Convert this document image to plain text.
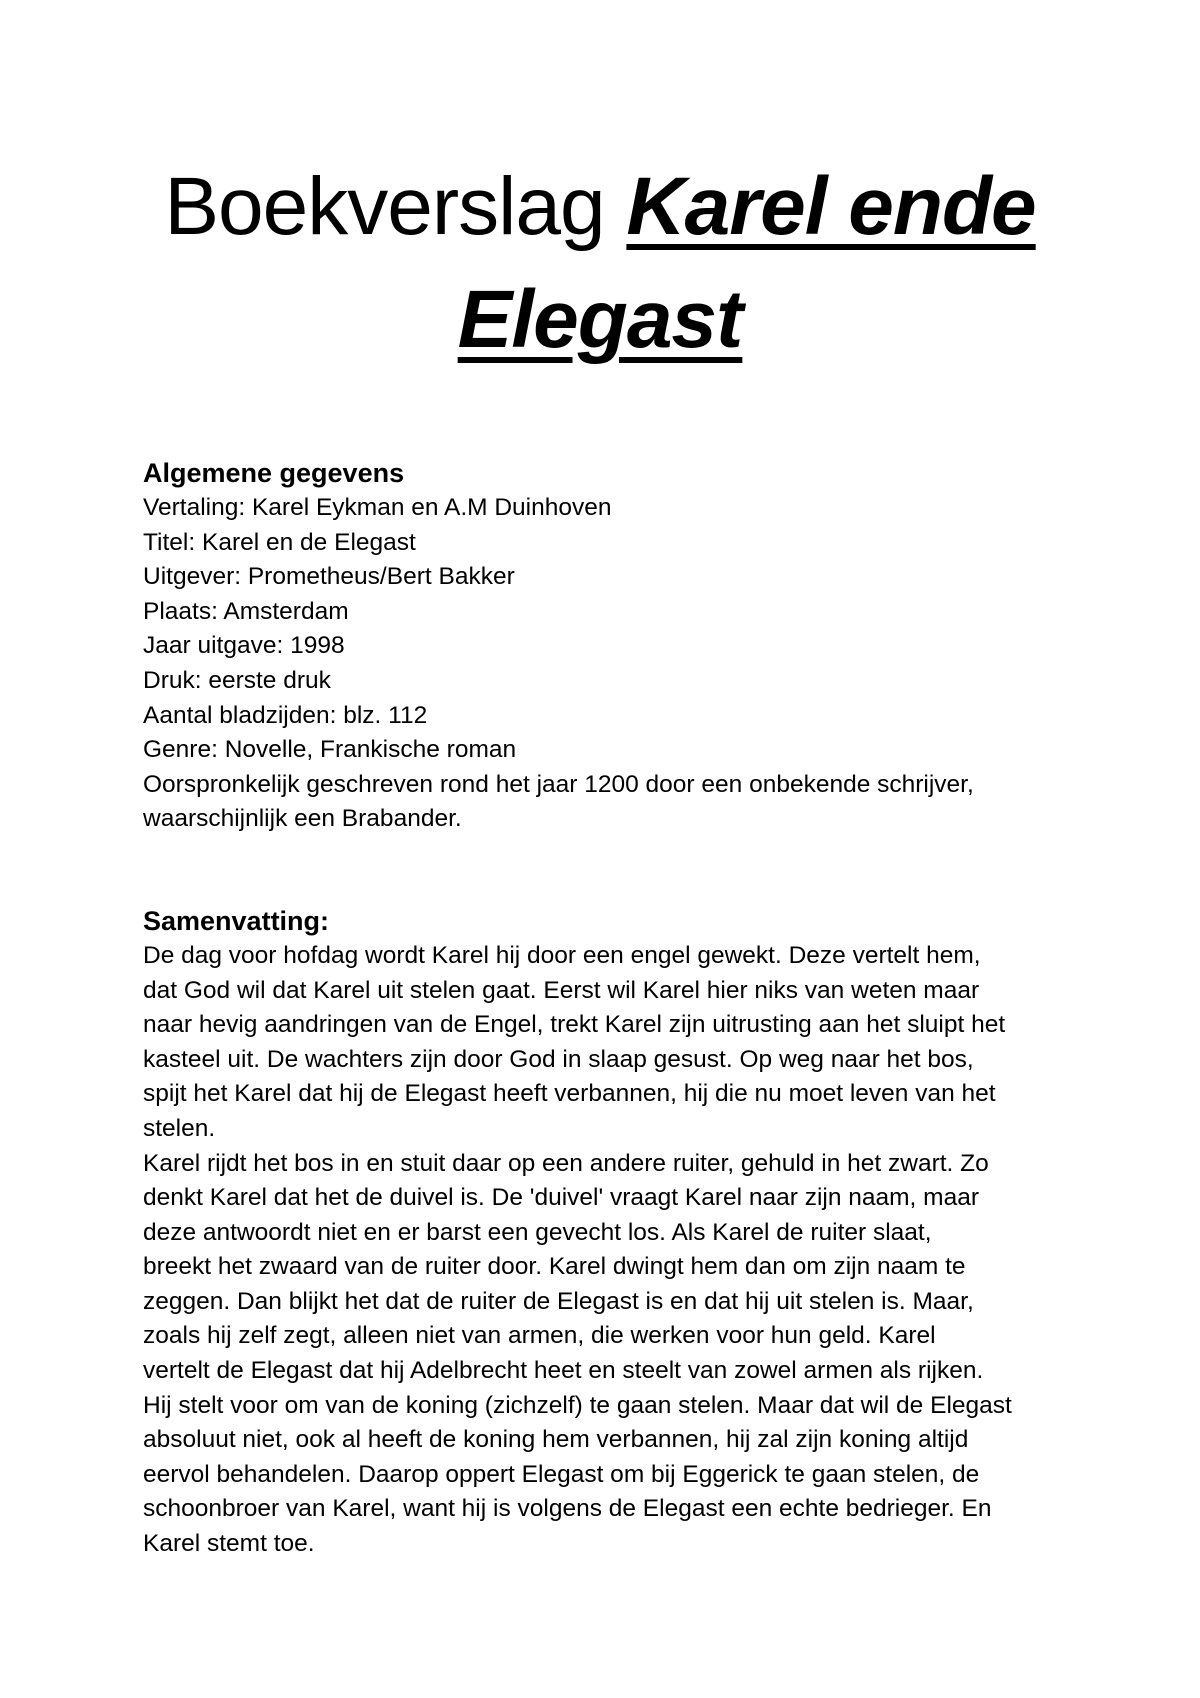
Boekverslag Karel ende Elegast
Algemene gegevens

Vertaling: Karel Eykman en A.M Duinhoven

Titel: Karel en de Elegast

Uitgever: Prometheus/Bert Bakker

Plaats: Amsterdam

Jaar uitgave: 1998

Druk: eerste druk

Aantal bladzijden: blz. 112

Genre: Novelle, Frankische roman

Oorspronkelijk geschreven rond het jaar 1200 door een onbekende schrijver,

waarschijnlijk een Brabander.

Samenvatting:

De dag voor hofdag wordt Karel hij door een engel gewekt. Deze vertelt hem,

dat God wil dat Karel uit stelen gaat. Eerst wil Karel hier niks van weten maar

naar hevig aandringen van de Engel, trekt Karel zijn uitrusting aan het sluipt het

kasteel uit. De wachters zijn door God in slaap gesust. Op weg naar het bos,

spijt het Karel dat hij de Elegast heeft verbannen, hij die nu moet leven van het

stelen.

Karel rijdt het bos in en stuit daar op een andere ruiter, gehuld in het zwart. Zo

denkt Karel dat het de duivel is. De 'duivel' vraagt Karel naar zijn naam, maar

deze antwoordt niet en er barst een gevecht los. Als Karel de ruiter slaat,

breekt het zwaard van de ruiter door. Karel dwingt hem dan om zijn naam te

zeggen. Dan blijkt het dat de ruiter de Elegast is en dat hij uit stelen is. Maar,

zoals hij zelf zegt, alleen niet van armen, die werken voor hun geld. Karel

vertelt de Elegast dat hij Adelbrecht heet en steelt van zowel armen als rijken.

Hij stelt voor om van de koning (zichzelf) te gaan stelen. Maar dat wil de Elegast

absoluut niet, ook al heeft de koning hem verbannen, hij zal zijn koning altijd

eervol behandelen. Daarop oppert Elegast om bij Eggerick te gaan stelen, de

schoonbroer van Karel, want hij is volgens de Elegast een echte bedrieger. En

Karel stemt toe.
